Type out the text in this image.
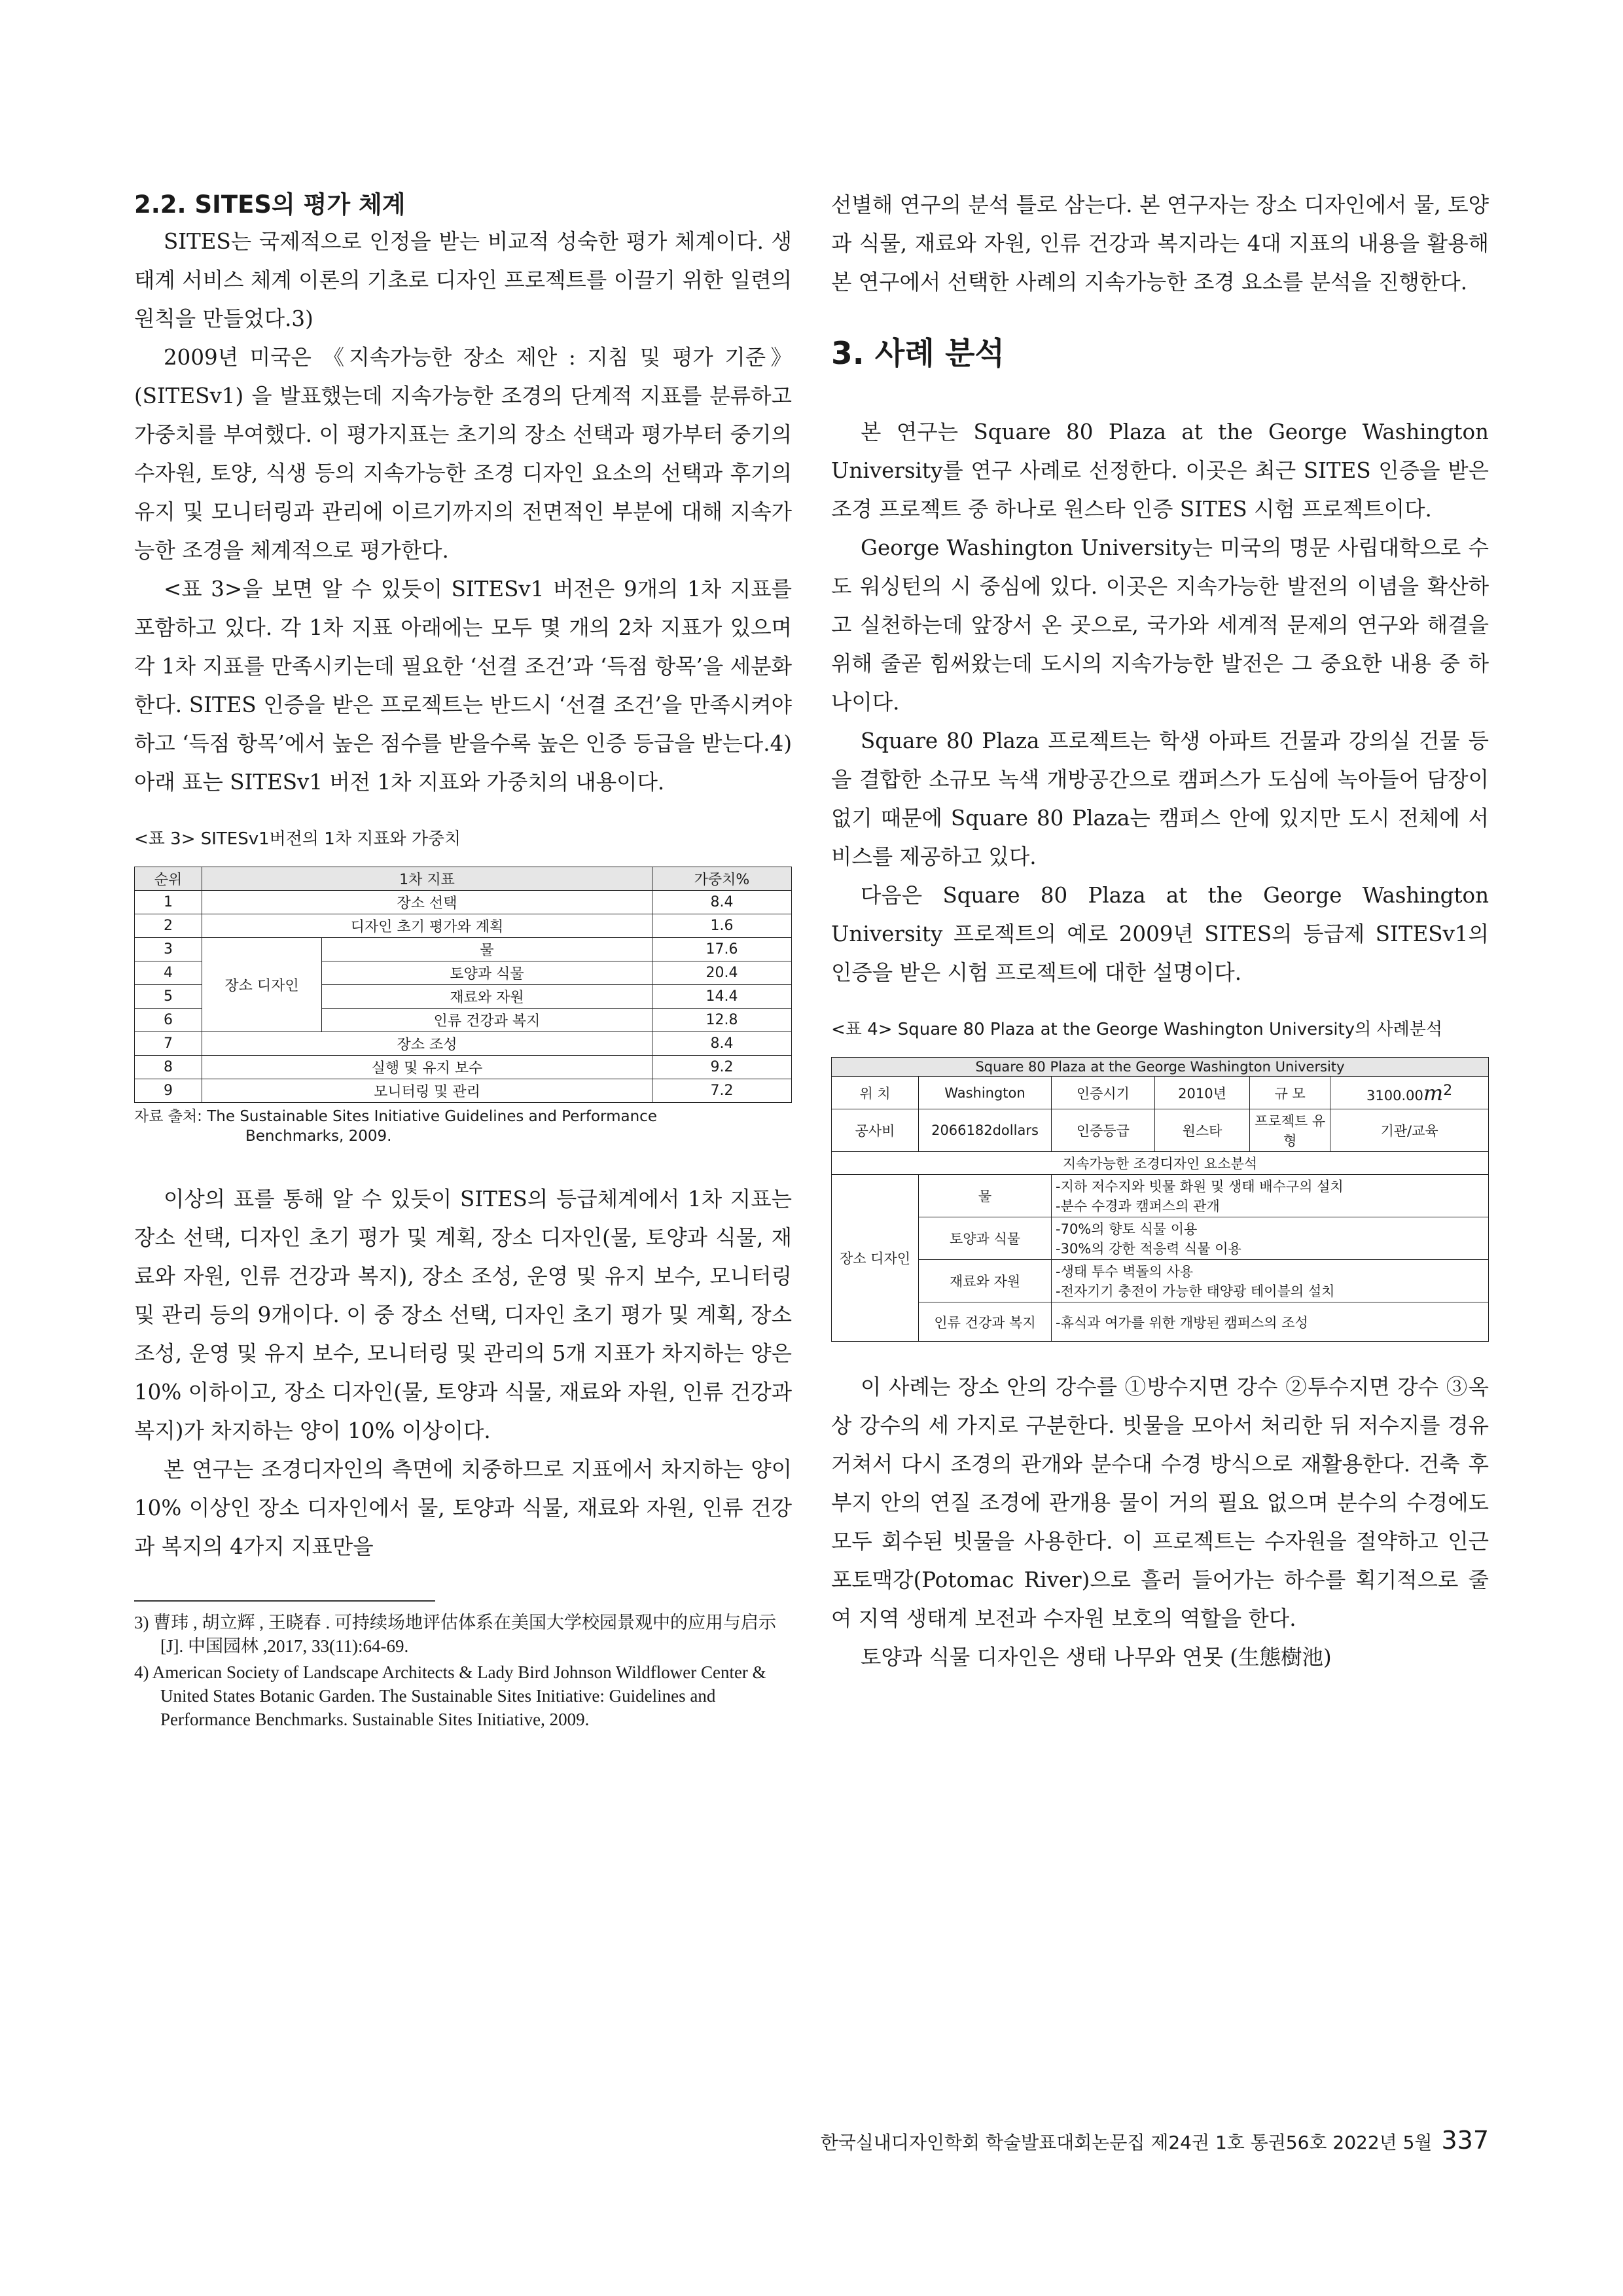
2.2. SITES의 평가 체계

SITES는 국제적으로 인정을 받는 비교적 성숙한 평가 체계이다. 생태계 서비스 체계 이론의 기초로 디자인 프로젝트를 이끌기 위한 일련의 원칙을 만들었다.3)

2009년 미국은 《지속가능한 장소 제안 : 지침 및 평가 기준》 (SITESv1) 을 발표했는데 지속가능한 조경의 단계적 지표를 분류하고 가중치를 부여했다. 이 평가지표는 초기의 장소 선택과 평가부터 중기의 수자원, 토양, 식생 등의 지속가능한 조경 디자인 요소의 선택과 후기의 유지 및 모니터링과 관리에 이르기까지의 전면적인 부분에 대해 지속가능한 조경을 체계적으로 평가한다.

<표 3>을 보면 알 수 있듯이 SITESv1 버전은 9개의 1차 지표를 포함하고 있다. 각 1차 지표 아래에는 모두 몇 개의 2차 지표가 있으며 각 1차 지표를 만족시키는데 필요한 ‘선결 조건’과 ‘득점 항목’을 세분화한다. SITES 인증을 받은 프로젝트는 반드시 ‘선결 조건’을 만족시켜야하고 ‘득점 항목’에서 높은 점수를 받을수록 높은 인증 등급을 받는다.4) 아래 표는 SITESv1 버전 1차 지표와 가중치의 내용이다.

<표 3> SITESv1버전의 1차 지표와 가중치
순위	1차 지표		가중치%
1	장소 선택		8.4
2	디자인 초기 평가와 계획		1.6
3	장소 디자인	물	17.6
4		토양과 식물	20.4
5		재료와 자원	14.4
6		인류 건강과 복지	12.8
7	장소 조성		8.4
8	실행 및 유지 보수		9.2
9	모니터링 및 관리		7.2
자료 출처: The Sustainable Sites Initiative Guidelines and Performance
Benchmarks, 2009.

이상의 표를 통해 알 수 있듯이 SITES의 등급체계에서 1차 지표는 장소 선택, 디자인 초기 평가 및 계획, 장소 디자인(물, 토양과 식물, 재료와 자원, 인류 건강과 복지), 장소 조성, 운영 및 유지 보수, 모니터링 및 관리 등의 9개이다. 이 중 장소 선택, 디자인 초기 평가 및 계획, 장소 조성, 운영 및 유지 보수, 모니터링 및 관리의 5개 지표가 차지하는 양은 10% 이하이고, 장소 디자인(물, 토양과 식물, 재료와 자원, 인류 건강과 복지)가 차지하는 양이 10% 이상이다.

본 연구는 조경디자인의 측면에 치중하므로 지표에서 차지하는 양이 10% 이상인 장소 디자인에서 물, 토양과 식물, 재료와 자원, 인류 건강과 복지의 4가지 지표만을

3) 曹玮 , 胡立辉 , 王晓春 . 可持续场地评估体系在美国大学校园景观中的应用与启示 [J]. 中国园林 ,2017, 33(11):64-69.

4) American Society of Landscape Architects & Lady Bird Johnson Wildflower Center & United States Botanic Garden. The Sustainable Sites Initiative: Guidelines and Performance Benchmarks. Sustainable Sites Initiative, 2009.

선별해 연구의 분석 틀로 삼는다. 본 연구자는 장소 디자인에서 물, 토양과 식물, 재료와 자원, 인류 건강과 복지라는 4대 지표의 내용을 활용해 본 연구에서 선택한 사례의 지속가능한 조경 요소를 분석을 진행한다.

3. 사례 분석

본 연구는 Square 80 Plaza at the George Washington University를 연구 사례로 선정한다. 이곳은 최근 SITES 인증을 받은 조경 프로젝트 중 하나로 원스타 인증 SITES 시험 프로젝트이다.

George Washington University는 미국의 명문 사립대학으로 수도 워싱턴의 시 중심에 있다. 이곳은 지속가능한 발전의 이념을 확산하고 실천하는데 앞장서 온 곳으로, 국가와 세계적 문제의 연구와 해결을 위해 줄곧 힘써왔는데 도시의 지속가능한 발전은 그 중요한 내용 중 하나이다.

Square 80 Plaza 프로젝트는 학생 아파트 건물과 강의실 건물 등을 결합한 소규모 녹색 개방공간으로 캠퍼스가 도심에 녹아들어 담장이 없기 때문에 Square 80 Plaza는 캠퍼스 안에 있지만 도시 전체에 서비스를 제공하고 있다.

다음은 Square 80 Plaza at the George Washington University 프로젝트의 예로 2009년 SITES의 등급제 SITESv1의 인증을 받은 시험 프로젝트에 대한 설명이다.

<표 4> Square 80 Plaza at the George Washington University의 사례분석
Square 80 Plaza at the George Washington University					
위 치	Washington	인증시기	2010년	규 모	$3100.00m^2$
공사비	2066182dollars	인증등급	원스타	프로젝트 유형	기관/교육
지속가능한 조경디자인 요소분석					
장소 디자인	물	-지하 저수지와 빗물 화원 및 생태 배수구의 설치
-분수 수경과 캠퍼스의 관개			

	토양과 식물	-70%의 향토 식물 이용
-30%의 강한 적응력 식물 이용			

	재료와 자원	-생태 투수 벽돌의 사용
-전자기기 충전이 가능한 태양광 테이블의 설치			

	인류 건강과 복지	-휴식과 여가를 위한 개방된 캠퍼스의 조성			

이 사례는 장소 안의 강수를 ①방수지면 강수 ②투수지면 강수 ③옥상 강수의 세 가지로 구분한다. 빗물을 모아서 처리한 뒤 저수지를 경유 거쳐서 다시 조경의 관개와 분수대 수경 방식으로 재활용한다. 건축 후 부지 안의 연질 조경에 관개용 물이 거의 필요 없으며 분수의 수경에도 모두 회수된 빗물을 사용한다. 이 프로젝트는 수자원을 절약하고 인근 포토맥강(Potomac River)으로 흘러 들어가는 하수를 획기적으로 줄여 지역 생태계 보전과 수자원 보호의 역할을 한다.

토양과 식물 디자인은 생태 나무와 연못 (生態樹池)

한국실내디자인학회 학술발표대회논문집 제24권 1호 통권56호 2022년 5월 337
